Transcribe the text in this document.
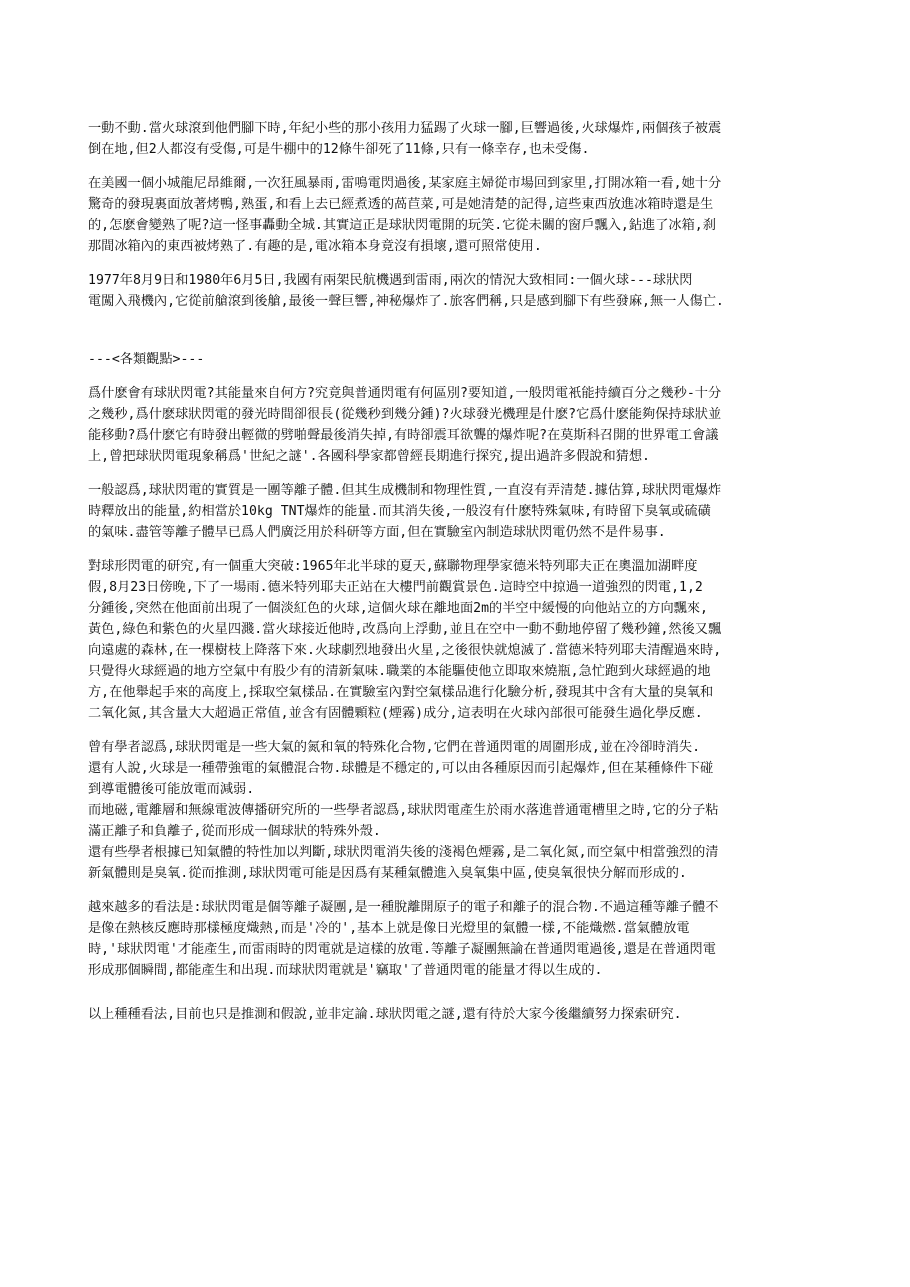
一動不動.當火球滾到他們腳下時,年紀小些的那小孩用力猛踢了火球一腳,巨響過後,火球爆炸,兩個孩子被震
倒在地,但2人都沒有受傷,可是牛棚中的12條牛卻死了11條,只有一條幸存,也未受傷.
在美國一個小城龍尼昂維爾,一次狂風暴雨,雷鳴電閃過後,某家庭主婦從市場回到家里,打開冰箱一看,她十分
驚奇的發現裏面放著烤鴨,熟蛋,和看上去已經煮透的萵苣菜,可是她清楚的記得,這些東西放進冰箱時還是生
的,怎麽會變熟了呢?這一怪事轟動全城.其實這正是球狀閃電開的玩笑.它從未關的窗戶飄入,鉆進了冰箱,刹
那間冰箱內的東西被烤熟了.有趣的是,電冰箱本身竟沒有損壞,還可照常使用.
1977年8月9日和1980年6月5日,我國有兩架民航機遇到雷雨,兩次的情況大致相同:一個火球---球狀閃
電闖入飛機內,它從前艙滾到後艙,最後一聲巨響,神秘爆炸了.旅客們稱,只是感到腳下有些發麻,無一人傷亡.
---<各類觀點>---
爲什麽會有球狀閃電?其能量來自何方?究竟與普通閃電有何區別?要知道,一般閃電衹能持續百分之幾秒-十分
之幾秒,爲什麽球狀閃電的發光時間卻很長(從幾秒到幾分鍾)?火球發光機理是什麽?它爲什麽能夠保持球狀並
能移動?爲什麽它有時發出輕微的劈啪聲最後消失掉,有時卻震耳欲聾的爆炸呢?在莫斯科召開的世界電工會議
上,曾把球狀閃電現象稱爲'世紀之謎'.各國科學家都曾經長期進行探究,提出過許多假說和猜想.
一般認爲,球狀閃電的實質是一團等離子體.但其生成機制和物理性質,一直沒有弄清楚.據估算,球狀閃電爆炸
時釋放出的能量,約相當於10kg TNT爆炸的能量.而其消失後,一般沒有什麽特殊氣味,有時留下臭氧或硫磺
的氣味.盡管等離子體早已爲人們廣泛用於科研等方面,但在實驗室內制造球狀閃電仍然不是件易事.
對球形閃電的研究,有一個重大突破:1965年北半球的夏天,蘇聯物理學家德米特列耶夫正在奧溫加湖畔度
假,8月23日傍晚,下了一場雨.德米特列耶夫正站在大樓門前觀賞景色.這時空中掠過一道強烈的閃電,1,2
分鍾後,突然在他面前出現了一個淡紅色的火球,這個火球在離地面2m的半空中緩慢的向他站立的方向飄來,
黃色,綠色和紫色的火星四濺.當火球接近他時,改爲向上浮動,並且在空中一動不動地停留了幾秒鐘,然後又飄
向遠處的森林,在一棵樹枝上降落下來.火球劇烈地發出火星,之後很快就熄滅了.當德米特列耶夫清醒過來時,
只覺得火球經過的地方空氣中有股少有的清新氣味.職業的本能驅使他立即取來燒瓶,急忙跑到火球經過的地
方,在他舉起手來的高度上,採取空氣樣品.在實驗室內對空氣樣品進行化驗分析,發現其中含有大量的臭氧和
二氧化氮,其含量大大超過正常值,並含有固體顆粒(煙霧)成分,這表明在火球內部很可能發生過化學反應.
曾有學者認爲,球狀閃電是一些大氣的氮和氧的特殊化合物,它們在普通閃電的周圍形成,並在冷卻時消失.
還有人說,火球是一種帶強電的氣體混合物.球體是不穩定的,可以由各種原因而引起爆炸,但在某種條件下碰
到導電體後可能放電而減弱.
而地磁,電離層和無線電波傳播研究所的一些學者認爲,球狀閃電產生於雨水落進普通電槽里之時,它的分子粘
滿正離子和負離子,從而形成一個球狀的特殊外殼.
還有些學者根據已知氣體的特性加以判斷,球狀閃電消失後的淺褐色煙霧,是二氧化氮,而空氣中相當強烈的清
新氣體則是臭氧.從而推測,球狀閃電可能是因爲有某種氣體進入臭氧集中區,使臭氧很快分解而形成的.
越來越多的看法是:球狀閃電是個等離子凝團,是一種脫離開原子的電子和離子的混合物.不過這種等離子體不
是像在熱核反應時那樣極度熾熱,而是'冷的',基本上就是像日光燈里的氣體一樣,不能熾燃.當氣體放電
時,'球狀閃電'才能產生,而雷雨時的閃電就是這樣的放電.等離子凝團無論在普通閃電過後,還是在普通閃電
形成那個瞬間,都能產生和出現.而球狀閃電就是'竊取'了普通閃電的能量才得以生成的.
以上種種看法,目前也只是推測和假說,並非定論.球狀閃電之謎,還有待於大家今後繼續努力探索研究.
